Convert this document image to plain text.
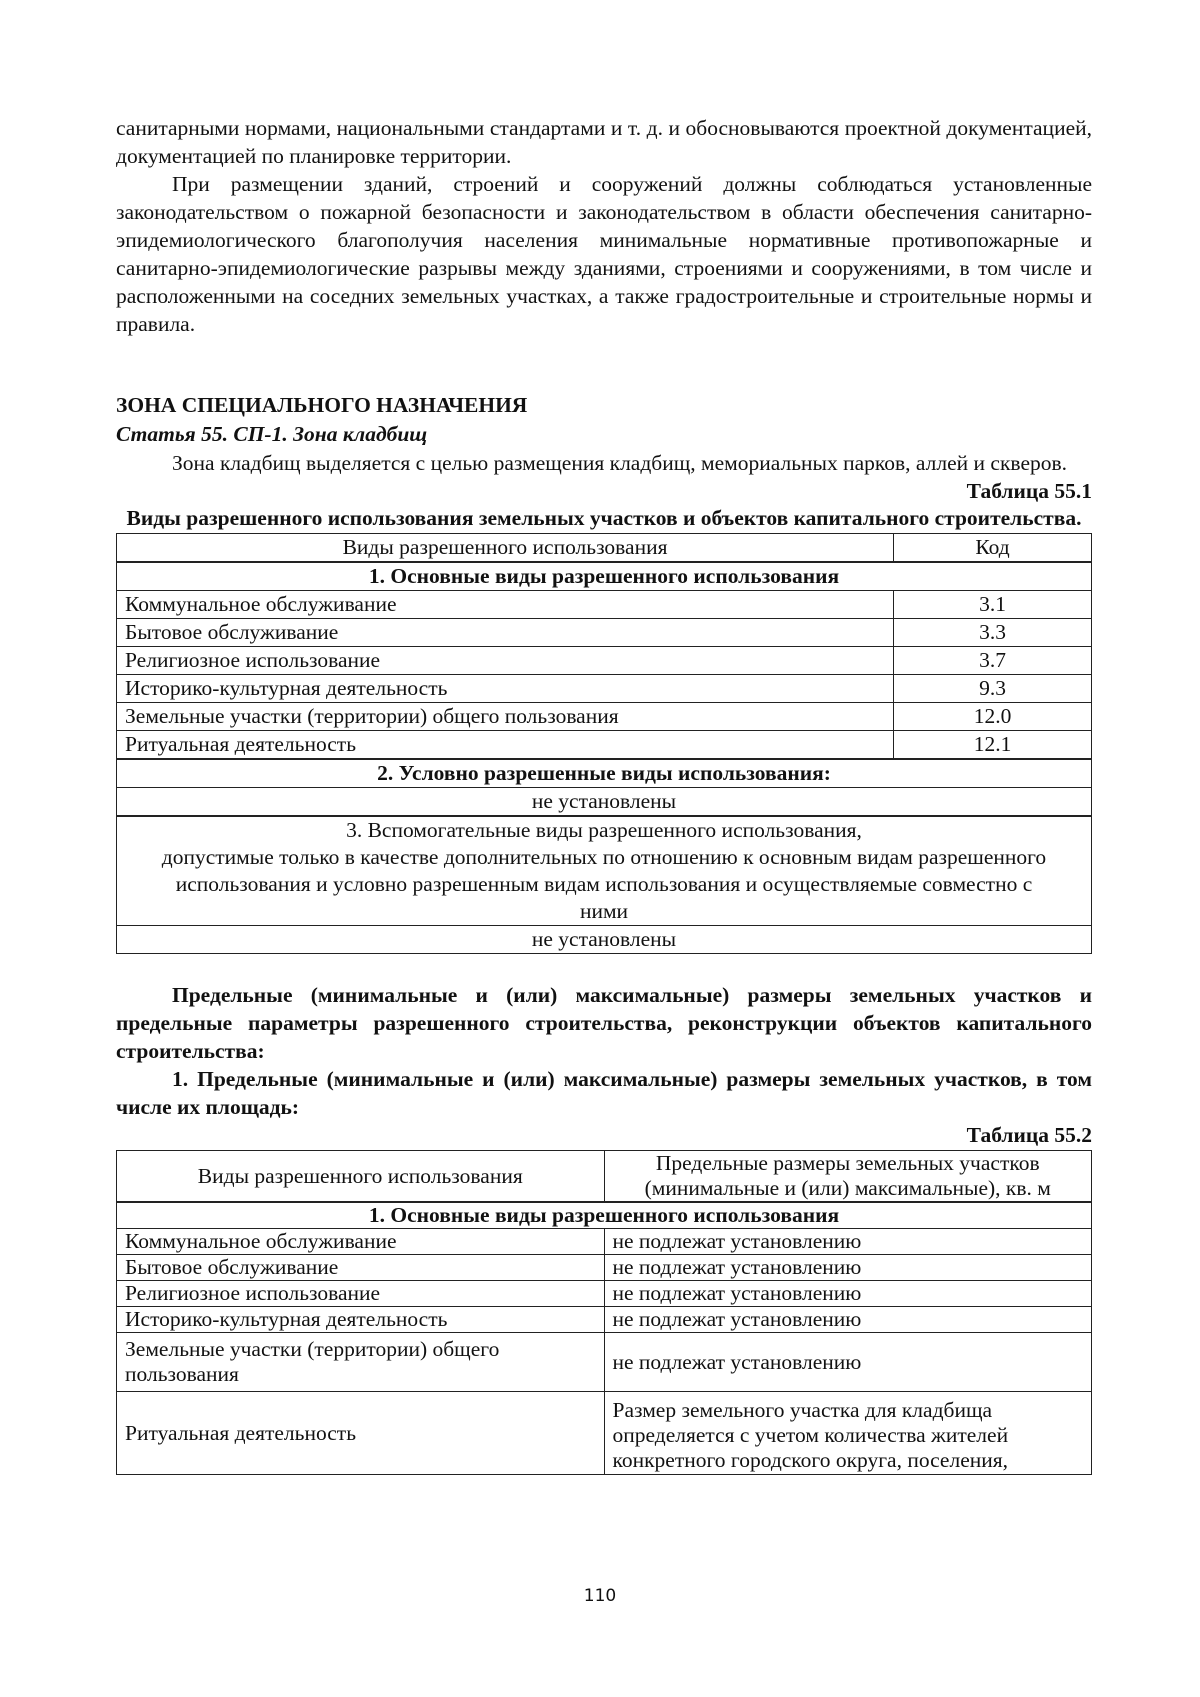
санитарными нормами, национальными стандартами и т. д. и обосновываются проектной документацией, документацией по планировке территории.

При размещении зданий, строений и сооружений должны соблюдаться установленные законодательством о пожарной безопасности и законодательством в области обеспечения санитарно-эпидемиологического благополучия населения минимальные нормативные противопожарные и санитарно-эпидемиологические разрывы между зданиями, строениями и сооружениями, в том числе и расположенными на соседних земельных участках, а также градостроительные и строительные нормы и правила.

ЗОНА СПЕЦИАЛЬНОГО НАЗНАЧЕНИЯ
Статья 55. СП-1. Зона кладбищ

Зона кладбищ выделяется с целью размещения кладбищ, мемориальных парков, аллей и скверов.

Таблица 55.1
Виды разрешенного использования земельных участков и объектов капитального строительства.
Виды разрешенного использования	Код
1. Основные виды разрешенного использования	
Коммунальное обслуживание	3.1
Бытовое обслуживание	3.3
Религиозное использование	3.7
Историко-культурная деятельность	9.3
Земельные участки (территории) общего пользования	12.0
Ритуальная деятельность	12.1
2. Условно разрешенные виды использования:	
не установлены	

3. Вспомогательные виды разрешенного использования,
допустимые только в качестве дополнительных по отношению к основным видам разрешенного использования и условно разрешенным видам использования и осуществляемые совместно с ними	

не установлены	

Предельные (минимальные и (или) максимальные) размеры земельных участков и предельные параметры разрешенного строительства, реконструкции объектов капитального строительства:

1. Предельные (минимальные и (или) максимальные) размеры земельных участков, в том числе их площадь:

Таблица 55.2
Виды разрешенного использования	Предельные размеры земельных участков (минимальные и (или) максимальные), кв. м
1. Основные виды разрешенного использования	
Коммунальное обслуживание	не подлежат установлению
Бытовое обслуживание	не подлежат установлению
Религиозное использование	не подлежат установлению
Историко-культурная деятельность	не подлежат установлению
Земельные участки (территории) общего пользования	не подлежат установлению
Ритуальная деятельность	Размер земельного участка для кладбища определяется с учетом количества жителей конкретного городского округа, поселения,
110
